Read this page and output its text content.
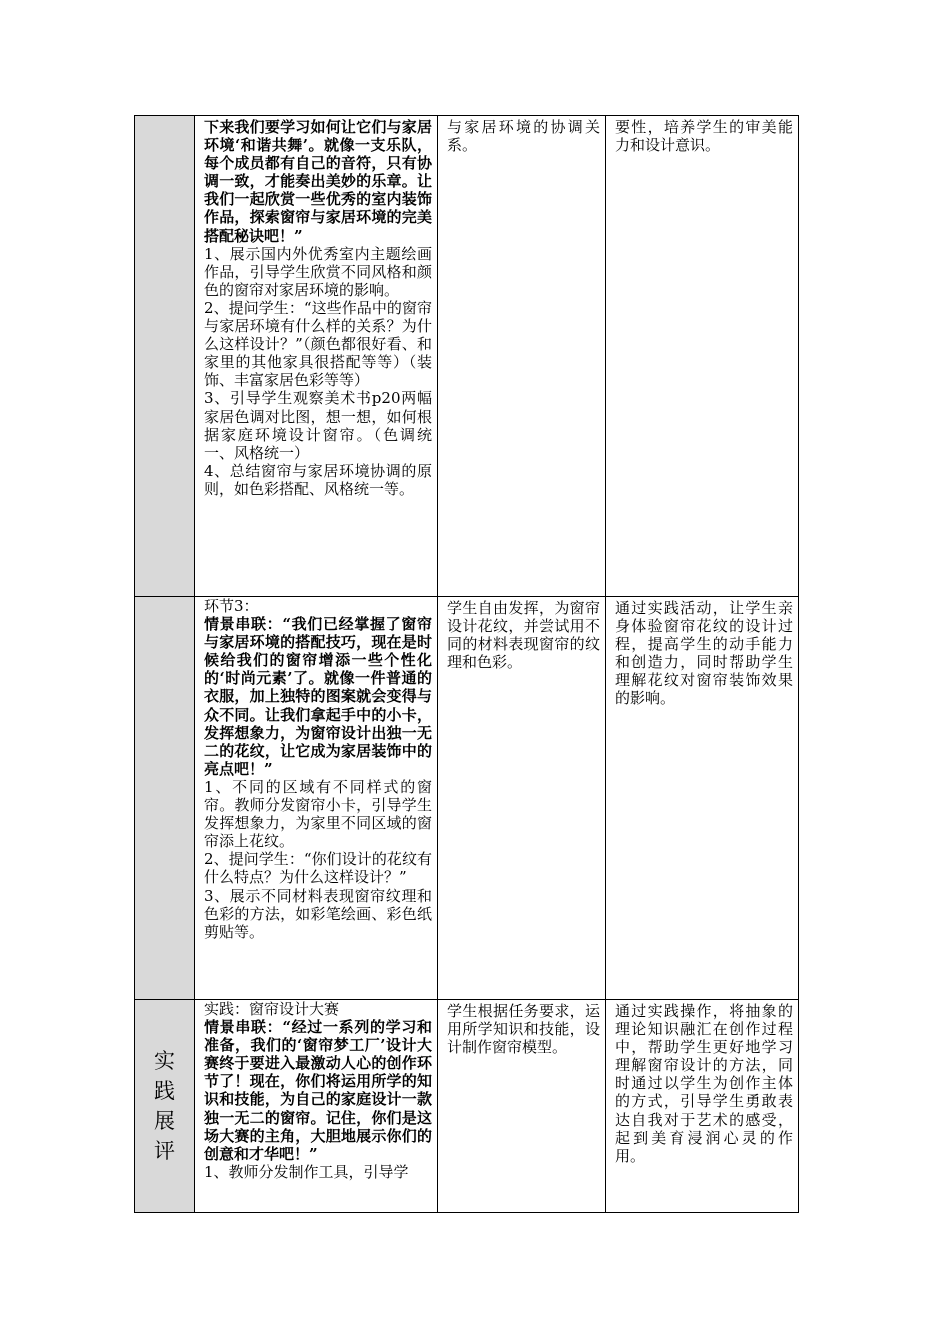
	下来我们要学习如何让它们与家居环境‘和谐共舞’。就像一支乐队，每个成员都有自己的音符，只有协调一致，才能奏出美妙的乐章。让我们一起欣赏一些优秀的室内装饰作品，探索窗帘与家居环境的完美搭配秘诀吧！”

1、展示国内外优秀室内主题绘画作品，引导学生欣赏不同风格和颜色的窗帘对家居环境的影响。

2、提问学生：“这些作品中的窗帘与家居环境有什么样的关系？为什么这样设计？”（颜色都很好看、和家里的其他家具很搭配等等）（装饰、丰富家居色彩等等）

3、引导学生观察美术书p20两幅家居色调对比图，想一想，如何根据家庭环境设计窗帘。（色调统一、风格统一）

4、总结窗帘与家居环境协调的原则，如色彩搭配、风格统一等。	与家居环境的协调关系。	要性，培养学生的审美能力和设计意识。

	环节3：

情景串联：“我们已经掌握了窗帘与家居环境的搭配技巧，现在是时候给我们的窗帘增添一些个性化的‘时尚元素’了。就像一件普通的衣服，加上独特的图案就会变得与众不同。让我们拿起手中的小卡，发挥想象力，为窗帘设计出独一无二的花纹，让它成为家居装饰中的亮点吧！”

1、不同的区域有不同样式的窗帘。教师分发窗帘小卡，引导学生发挥想象力，为家里不同区域的窗帘添上花纹。

2、提问学生：“你们设计的花纹有什么特点？为什么这样设计？”

3、展示不同材料表现窗帘纹理和色彩的方法，如彩笔绘画、彩色纸剪贴等。	学生自由发挥，为窗帘设计花纹，并尝试用不同的材料表现窗帘的纹理和色彩。	通过实践活动，让学生亲身体验窗帘花纹的设计过程，提高学生的动手能力和创造力，同时帮助学生理解花纹对窗帘装饰效果的影响。

实践展评	实践：窗帘设计大赛

情景串联：“经过一系列的学习和准备，我们的‘窗帘梦工厂’设计大赛终于要进入最激动人心的创作环节了！现在，你们将运用所学的知识和技能，为自己的家庭设计一款独一无二的窗帘。记住，你们是这场大赛的主角，大胆地展示你们的创意和才华吧！”

1、教师分发制作工具，引导学	学生根据任务要求，运用所学知识和技能，设计制作窗帘模型。	通过实践操作，将抽象的理论知识融汇在创作过程中，帮助学生更好地学习理解窗帘设计的方法，同时通过以学生为创作主体的方式，引导学生勇敢表达自我对于艺术的感受，起到美育浸润心灵的作用。
